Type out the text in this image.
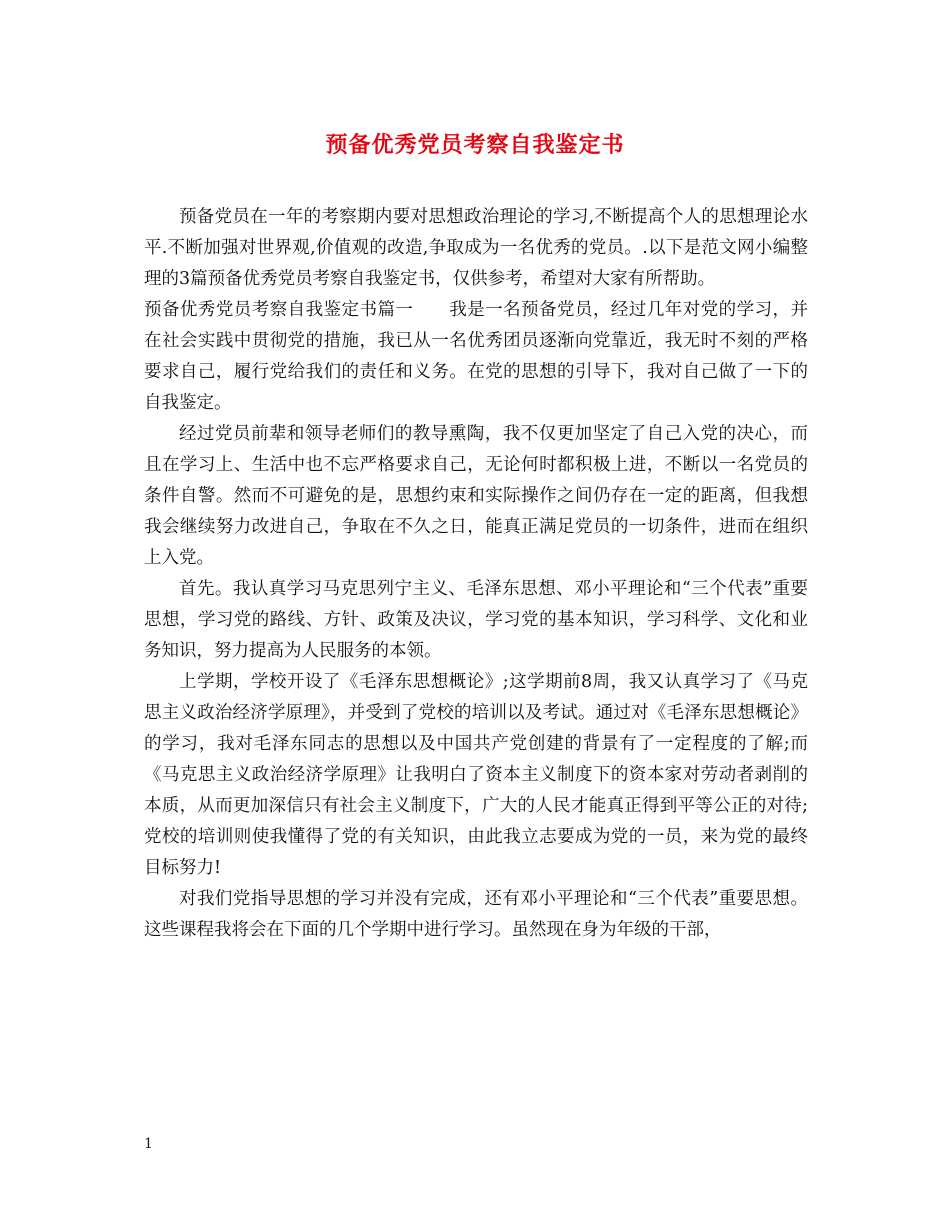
预备优秀党员考察自我鉴定书

预备党员在一年的考察期内要对思想政治理论的学习,不断提高个人的思想理论水平.不断加强对世界观,价值观的改造,争取成为一名优秀的党员。.以下是范文网小编整理的3篇预备优秀党员考察自我鉴定书，仅供参考，希望对大家有所帮助。

预备优秀党员考察自我鉴定书篇一　　我是一名预备党员，经过几年对党的学习，并在社会实践中贯彻党的措施，我已从一名优秀团员逐渐向党靠近，我无时不刻的严格要求自己，履行党给我们的责任和义务。在党的思想的引导下，我对自己做了一下的自我鉴定。

经过党员前辈和领导老师们的教导熏陶，我不仅更加坚定了自己入党的决心，而且在学习上、生活中也不忘严格要求自己，无论何时都积极上进，不断以一名党员的条件自警。然而不可避免的是，思想约束和实际操作之间仍存在一定的距离，但我想我会继续努力改进自己，争取在不久之日，能真正满足党员的一切条件，进而在组织上入党。

首先。我认真学习马克思列宁主义、毛泽东思想、邓小平理论和“三个代表”重要思想，学习党的路线、方针、政策及决议，学习党的基本知识，学习科学、文化和业务知识，努力提高为人民服务的本领。

上学期，学校开设了《毛泽东思想概论》;这学期前8周，我又认真学习了《马克思主义政治经济学原理》，并受到了党校的培训以及考试。通过对《毛泽东思想概论》的学习，我对毛泽东同志的思想以及中国共产党创建的背景有了一定程度的了解;而《马克思主义政治经济学原理》让我明白了资本主义制度下的资本家对劳动者剥削的本质，从而更加深信只有社会主义制度下，广大的人民才能真正得到平等公正的对待;党校的培训则使我懂得了党的有关知识，由此我立志要成为党的一员，来为党的最终目标努力!

对我们党指导思想的学习并没有完成，还有邓小平理论和“三个代表”重要思想。这些课程我将会在下面的几个学期中进行学习。虽然现在身为年级的干部，

1
